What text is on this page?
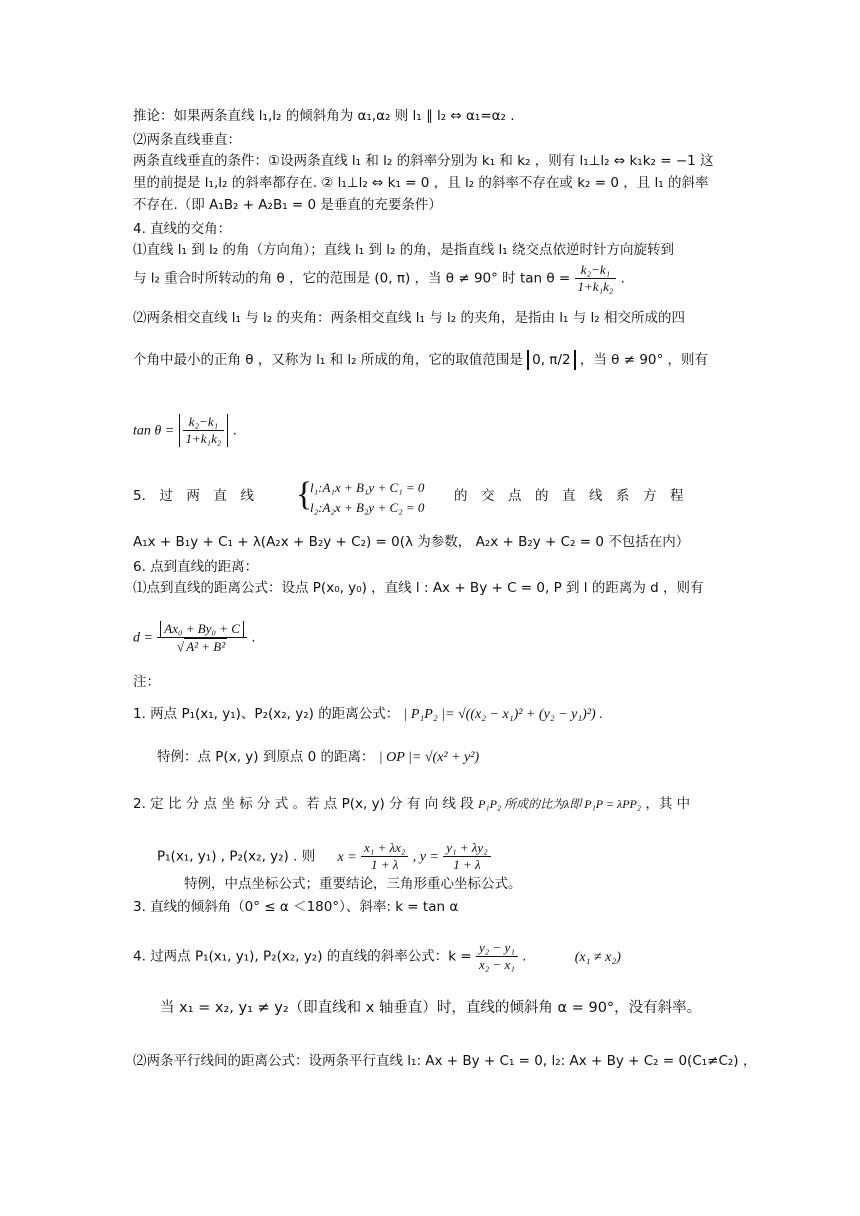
推论：如果两条直线 l₁,l₂ 的倾斜角为 α₁,α₂ 则 l₁ ∥ l₂ ⇔ α₁=α₂ .
⑵两条直线垂直：
两条直线垂直的条件：①设两条直线 l₁ 和 l₂ 的斜率分别为 k₁ 和 k₂ ，则有 l₁⊥l₂ ⇔ k₁k₂ = −1 这
里的前提是 l₁,l₂ 的斜率都存在. ② l₁⊥l₂ ⇔ k₁ = 0 ，且 l₂ 的斜率不存在或 k₂ = 0 ，且 l₁ 的斜率
不存在.（即 A₁B₂ + A₂B₁ = 0 是垂直的充要条件）
4. 直线的交角：
⑴直线 l₁ 到 l₂ 的角（方向角）；直线 l₁ 到 l₂ 的角，是指直线 l₁ 绕交点依逆时针方向旋转到
与 l₂ 重合时所转动的角 θ ，它的范围是 (0, π) ，当 θ ≠ 90° 时 $\tan \theta = \frac{\text{k₂−k₁}}{\text{1+k₁k₂}}$ .
⑵两条相交直线 l₁ 与 l₂ 的夹角：两条相交直线 l₁ 与 l₂ 的夹角，是指由 l₁ 与 l₂ 相交所成的四
个角中最小的正角 θ ，又称为 l₁ 和 l₂ 所成的角，它的取值范围是 0, π/2 ，当 θ ≠ 90° ，则有
$\tan \theta = \frac{\text{k₂−k₁}}{\text{1+k₁k₂}}$ .
5.　过　两　直　线 {
l₁:A₁x + B₁y + C₁ = 0
l₂:A₂x + B₂y + C₂ = 0
的　交　点　的　直　线　系　方　程
A₁x + B₁y + C₁ + λ(A₂x + B₂y + C₂) = 0(λ 为参数， A₂x + B₂y + C₂ = 0 不包括在内）
6. 点到直线的距离：
⑴点到直线的距离公式：设点 P(x₀, y₀) ，直线 l : Ax + By + C = 0, P 到 l 的距离为 d ，则有
$d = \frac{\text{Ax₀ + By₀ + C}}{\text{√ A² + B²}}$ .
注：
1. 两点 P₁(x₁, y₁)、P₂(x₂, y₂) 的距离公式： | P₁P₂ |= √((x₂ − x₁)² + (y₂ − y₁)²) .
特例：点 P(x, y) 到原点 0 的距离： | OP |= √(x² + y²)
2. 定 比 分 点 坐 标 分 式 。若 点 P(x, y) 分 有 向 线 段 P₁P₂ 所成的比为λ即 P₁P = λPP₂ ，其 中
P₁(x₁, y₁) , P₂(x₂, y₂) . 则 $x = \frac{\text{x₁ + λx₂}}{1 + \lambda}$ , $y = \frac{\text{y₁ + λy₂}}{1 + \lambda}$
特例，中点坐标公式；重要结论，三角形重心坐标公式。
3. 直线的倾斜角（0° ≤ α ＜180°）、斜率: k = tan α
4. 过两点 P₁(x₁, y₁), P₂(x₂, y₂) 的直线的斜率公式：$k = \frac{\text{y₂ − y₁}}{\text{x₂ − x₁}}$ .	(x₁ ≠ x₂)
当 x₁ = x₂, y₁ ≠ y₂（即直线和 x 轴垂直）时，直线的倾斜角 α = 90°，没有斜率。
⑵两条平行线间的距离公式：设两条平行直线 l₁: Ax + By + C₁ = 0, l₂: Ax + By + C₂ = 0(C₁≠C₂) ，
